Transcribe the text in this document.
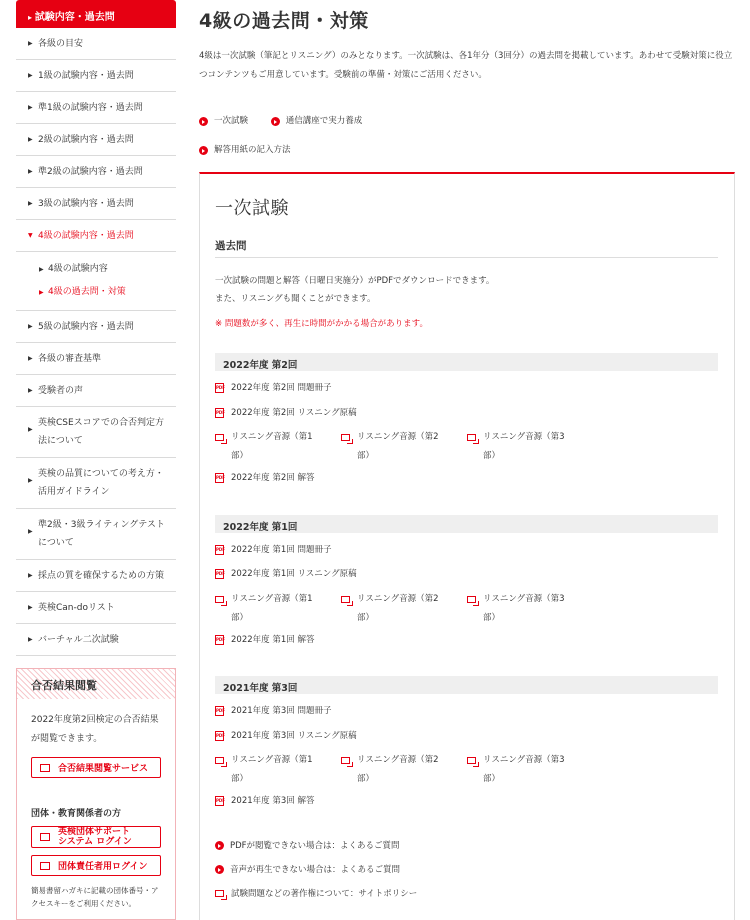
▸ 試験内容・過去問
▶ 各級の目安
▶ 1級の試験内容・過去問
▶ 準1級の試験内容・過去問
▶ 2級の試験内容・過去問
▶ 準2級の試験内容・過去問
▶ 3級の試験内容・過去問
▼ 4級の試験内容・過去問
▶ 4級の試験内容
▶ 4級の過去問・対策
▶ 5級の試験内容・過去問
▶ 各級の審査基準
▶ 受験者の声
▶
英検CSEスコアでの合否判定方法について
▶
英検の品質についての考え方・活用ガイドライン
▶
準2級・3級ライティングテストについて
▶ 採点の質を確保するための方策
▶ 英検Can-doリスト
▶ バーチャル二次試験
合否結果閲覧
2022年度第2回検定の合否結果が閲覧できます。
合否結果閲覧サービス
団体・教育関係者の方
英検団体サポート
システム ログイン
団体責任者用ログイン
簡易書留ハガキに記載の団体番号・アクセスキーをご利用ください。
4級の過去問・対策

4級は一次試験（筆記とリスニング）のみとなります。一次試験は、各1年分（3回分）の過去問を掲載しています。あわせて受験対策に役立つコンテンツもご用意しています。受験前の準備・対策にご活用ください。

一次試験
	通信講座で実力養成
解答用紙の記入方法
一次試験
過去問

一次試験の問題と解答（日曜日実施分）がPDFでダウンロードできます。
また、リスニングも聞くことができます。

※ 問題数が多く、再生に時間がかかる場合があります。

2022年度 第2回
PDF 2022年度 第2回 問題冊子
PDF 2022年度 第2回 リスニング原稿
リスニング音源（第1部）
リスニング音源（第2部）
リスニング音源（第3部）
PDF 2022年度 第2回 解答
2022年度 第1回
PDF 2022年度 第1回 問題冊子
PDF 2022年度 第1回 リスニング原稿
リスニング音源（第1部）
リスニング音源（第2部）
リスニング音源（第3部）
PDF 2022年度 第1回 解答
2021年度 第3回
PDF 2021年度 第3回 問題冊子
PDF 2021年度 第3回 リスニング原稿
リスニング音源（第1部）
リスニング音源（第2部）
リスニング音源（第3部）
PDF 2021年度 第3回 解答
PDFが閲覧できない場合は：よくあるご質問
音声が再生できない場合は：よくあるご質問
試験問題などの著作権について：サイトポリシー
